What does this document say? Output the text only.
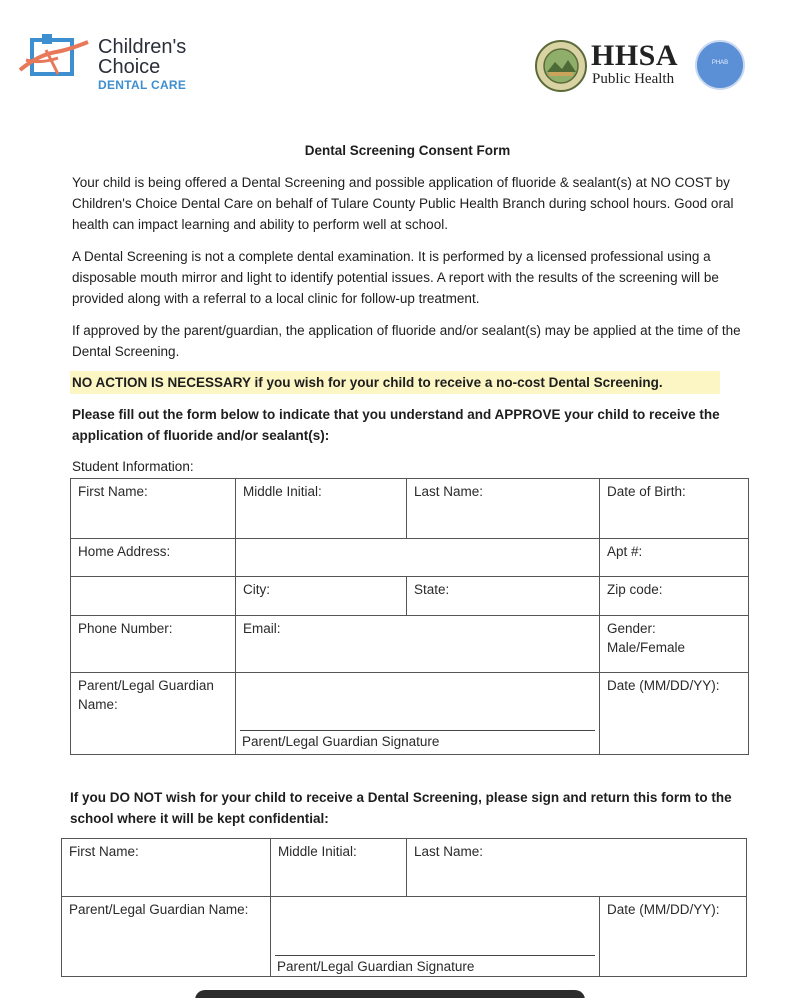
Children's
Choice
DENTAL CARE
HHSA
Public Health
PHAB
Dental Screening Consent Form
Your child is being offered a Dental Screening and possible application of fluoride & sealant(s) at NO COST by Children's Choice Dental Care on behalf of Tulare County Public Health Branch during school hours. Good oral health can impact learning and ability to perform well at school.
A Dental Screening is not a complete dental examination. It is performed by a licensed professional using a disposable mouth mirror and light to identify potential issues. A report with the results of the screening will be provided along with a referral to a local clinic for follow-up treatment.
If approved by the parent/guardian, the application of fluoride and/or sealant(s) may be applied at the time of the Dental Screening.
NO ACTION IS NECESSARY if you wish for your child to receive a no-cost Dental Screening.
Please fill out the form below to indicate that you understand and APPROVE your child to receive the application of fluoride and/or sealant(s):
Student Information:
First Name:	Middle Initial:	Last Name:	Date of Birth:
Home Address:			Apt #:
	City:	State:	Zip code:
Phone Number:	Email:		Gender:
Male/Female

Parent/Legal Guardian Name:	Parent/Legal Guardian Signature		Date (MM/DD/YY):
If you DO NOT wish for your child to receive a Dental Screening, please sign and return this form to the school where it will be kept confidential:
First Name:	Middle Initial:	Last Name:	
Parent/Legal Guardian Name:	Parent/Legal Guardian Signature		Date (MM/DD/YY):
